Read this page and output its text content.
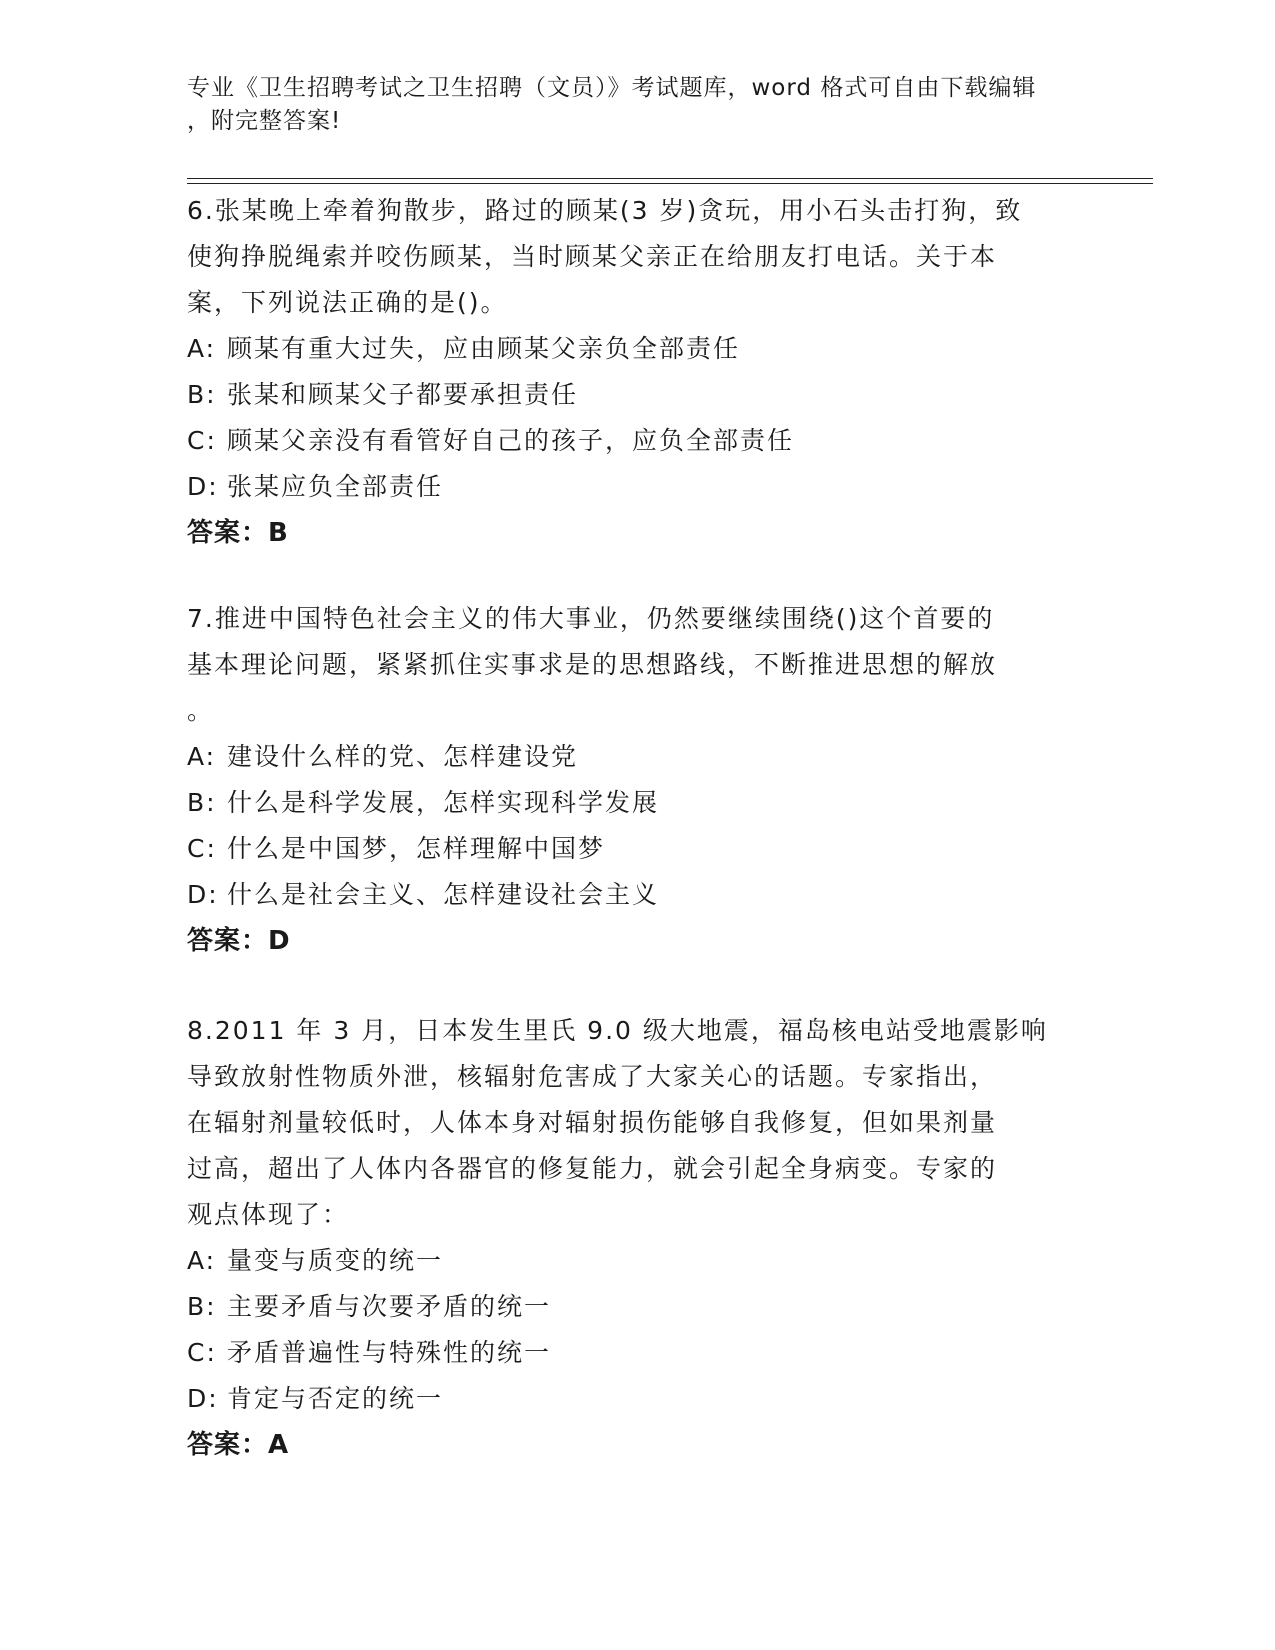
专业《卫生招聘考试之卫生招聘（文员）》考试题库，word 格式可自由下载编辑
，附完整答案!
6.张某晚上牵着狗散步，路过的顾某(3 岁)贪玩，用小石头击打狗，致
使狗挣脱绳索并咬伤顾某，当时顾某父亲正在给朋友打电话。关于本
案，下列说法正确的是()。
A: 顾某有重大过失，应由顾某父亲负全部责任
B: 张某和顾某父子都要承担责任
C: 顾某父亲没有看管好自己的孩子，应负全部责任
D: 张某应负全部责任
答案：B
7.推进中国特色社会主义的伟大事业，仍然要继续围绕()这个首要的
基本理论问题，紧紧抓住实事求是的思想路线，不断推进思想的解放
。
A: 建设什么样的党、怎样建设党
B: 什么是科学发展，怎样实现科学发展
C: 什么是中国梦，怎样理解中国梦
D: 什么是社会主义、怎样建设社会主义
答案：D
8.2011 年 3 月，日本发生里氏 9.0 级大地震，福岛核电站受地震影响
导致放射性物质外泄，核辐射危害成了大家关心的话题。专家指出，
在辐射剂量较低时，人体本身对辐射损伤能够自我修复，但如果剂量
过高，超出了人体内各器官的修复能力，就会引起全身病变。专家的
观点体现了：
A: 量变与质变的统一
B: 主要矛盾与次要矛盾的统一
C: 矛盾普遍性与特殊性的统一
D: 肯定与否定的统一
答案：A
